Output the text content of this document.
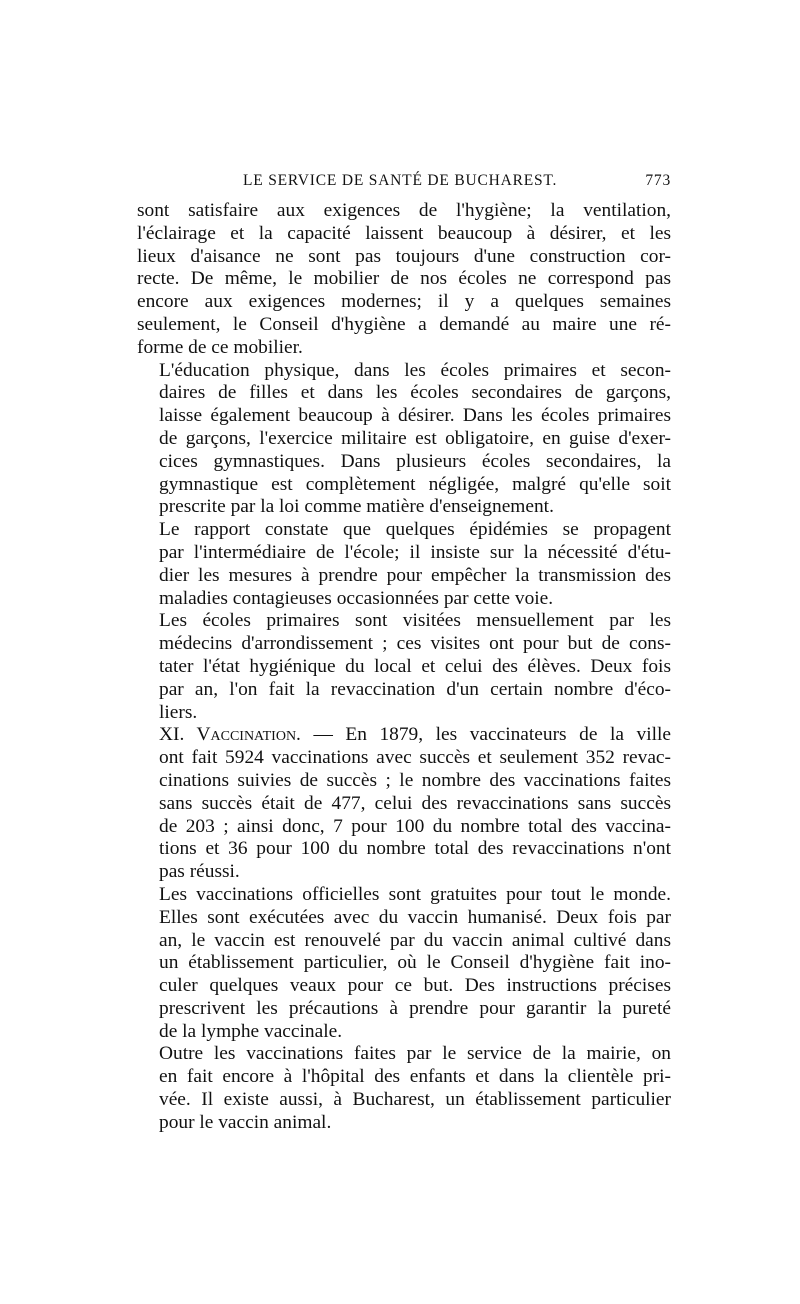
LE SERVICE DE SANTÉ DE BUCHAREST.	773

sont satisfaire aux exigences de l'hygiène; la ventilation,
l'éclairage et la capacité laissent beaucoup à désirer, et les
lieux d'aisance ne sont pas toujours d'une construction cor-
recte. De même, le mobilier de nos écoles ne correspond pas
encore aux exigences modernes; il y a quelques semaines
seulement, le Conseil d'hygiène a demandé au maire une ré-
forme de ce mobilier.

L'éducation physique, dans les écoles primaires et secon-
daires de filles et dans les écoles secondaires de garçons,
laisse également beaucoup à désirer. Dans les écoles primaires
de garçons, l'exercice militaire est obligatoire, en guise d'exer-
cices gymnastiques. Dans plusieurs écoles secondaires, la
gymnastique est complètement négligée, malgré qu'elle soit
prescrite par la loi comme matière d'enseignement.

Le rapport constate que quelques épidémies se propagent
par l'intermédiaire de l'école; il insiste sur la nécessité d'étu-
dier les mesures à prendre pour empêcher la transmission des
maladies contagieuses occasionnées par cette voie.

Les écoles primaires sont visitées mensuellement par les
médecins d'arrondissement ; ces visites ont pour but de cons-
tater l'état hygiénique du local et celui des élèves. Deux fois
par an, l'on fait la revaccination d'un certain nombre d'éco-
liers.

XI. Vaccination. — En 1879, les vaccinateurs de la ville
ont fait 5924 vaccinations avec succès et seulement 352 revac-
cinations suivies de succès ; le nombre des vaccinations faites
sans succès était de 477, celui des revaccinations sans succès
de 203 ; ainsi donc, 7 pour 100 du nombre total des vaccina-
tions et 36 pour 100 du nombre total des revaccinations n'ont
pas réussi.

Les vaccinations officielles sont gratuites pour tout le monde.
Elles sont exécutées avec du vaccin humanisé. Deux fois par
an, le vaccin est renouvelé par du vaccin animal cultivé dans
un établissement particulier, où le Conseil d'hygiène fait ino-
culer quelques veaux pour ce but. Des instructions précises
prescrivent les précautions à prendre pour garantir la pureté
de la lymphe vaccinale.

Outre les vaccinations faites par le service de la mairie, on
en fait encore à l'hôpital des enfants et dans la clientèle pri-
vée. Il existe aussi, à Bucharest, un établissement particulier
pour le vaccin animal.
